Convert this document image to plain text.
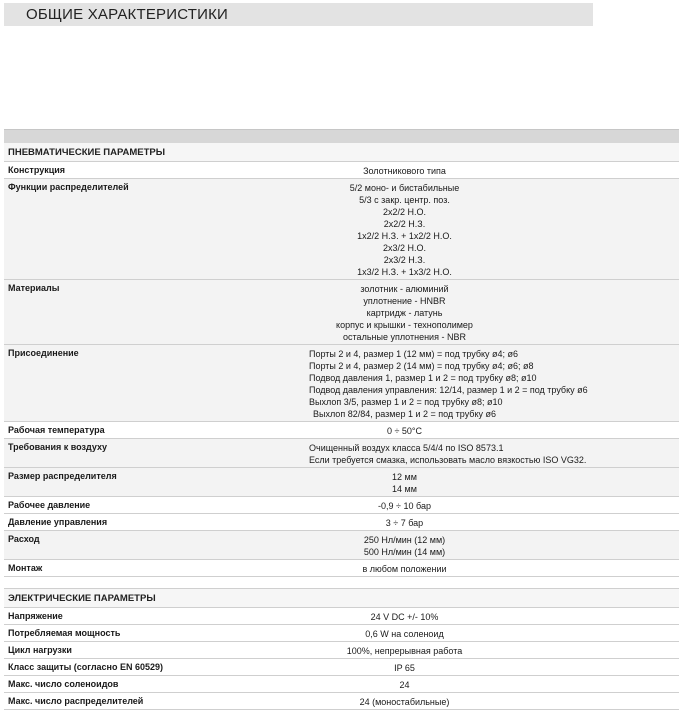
ОБЩИЕ ХАРАКТЕРИСТИКИ
ПНЕВМАТИЧЕСКИЕ ПАРАМЕТРЫ
Конструкция	Золотникового типа
Функции распределителей	5/2 моно- и бистабильные
5/3 с закр. центр. поз.
2x2/2 Н.О.
2x2/2 Н.З.
1x2/2 Н.З. + 1x2/2 Н.О.
2x3/2 Н.О.
2x3/2 Н.З.
1x3/2 Н.З. + 1x3/2 Н.О.
Материалы	золотник - алюминий
уплотнение - HNBR
картридж - латунь
корпус и крышки - технополимер
остальные уплотнения - NBR
Присоединение	Порты 2 и 4, размер 1 (12 мм) = под трубку ø4; ø6
Порты 2 и 4, размер 2 (14 мм) = под трубку ø4; ø6; ø8
Подвод давления 1, размер 1 и 2 = под трубку ø8; ø10
Подвод давления управления: 12/14, размер 1 и 2 = под трубку ø6
Выхлоп 3/5, размер 1 и 2 = под трубку ø8; ø10
Выхлоп 82/84, размер 1 и 2 = под трубку ø6
Рабочая температура	0 ÷ 50°C
Требования к воздуху	Очищенный воздух класса 5/4/4 по ISO 8573.1
Если требуется смазка, использовать масло вязкостью ISO VG32.
Размер распределителя	12 мм
14 мм
Рабочее давление	-0,9 ÷ 10 бар
Давление управления	3 ÷ 7 бар
Расход	250 Нл/мин (12 мм)
500 Нл/мин (14 мм)
Монтаж	в любом положении
ЭЛЕКТРИЧЕСКИЕ ПАРАМЕТРЫ
Напряжение	24 V DC +/- 10%
Потребляемая мощность	0,6 W на соленоид
Цикл нагрузки	100%, непрерывная работа
Класс защиты (согласно EN 60529)	IP 65
Макс. число соленоидов	24
Макс. число распределителей	24 (моностабильные)
